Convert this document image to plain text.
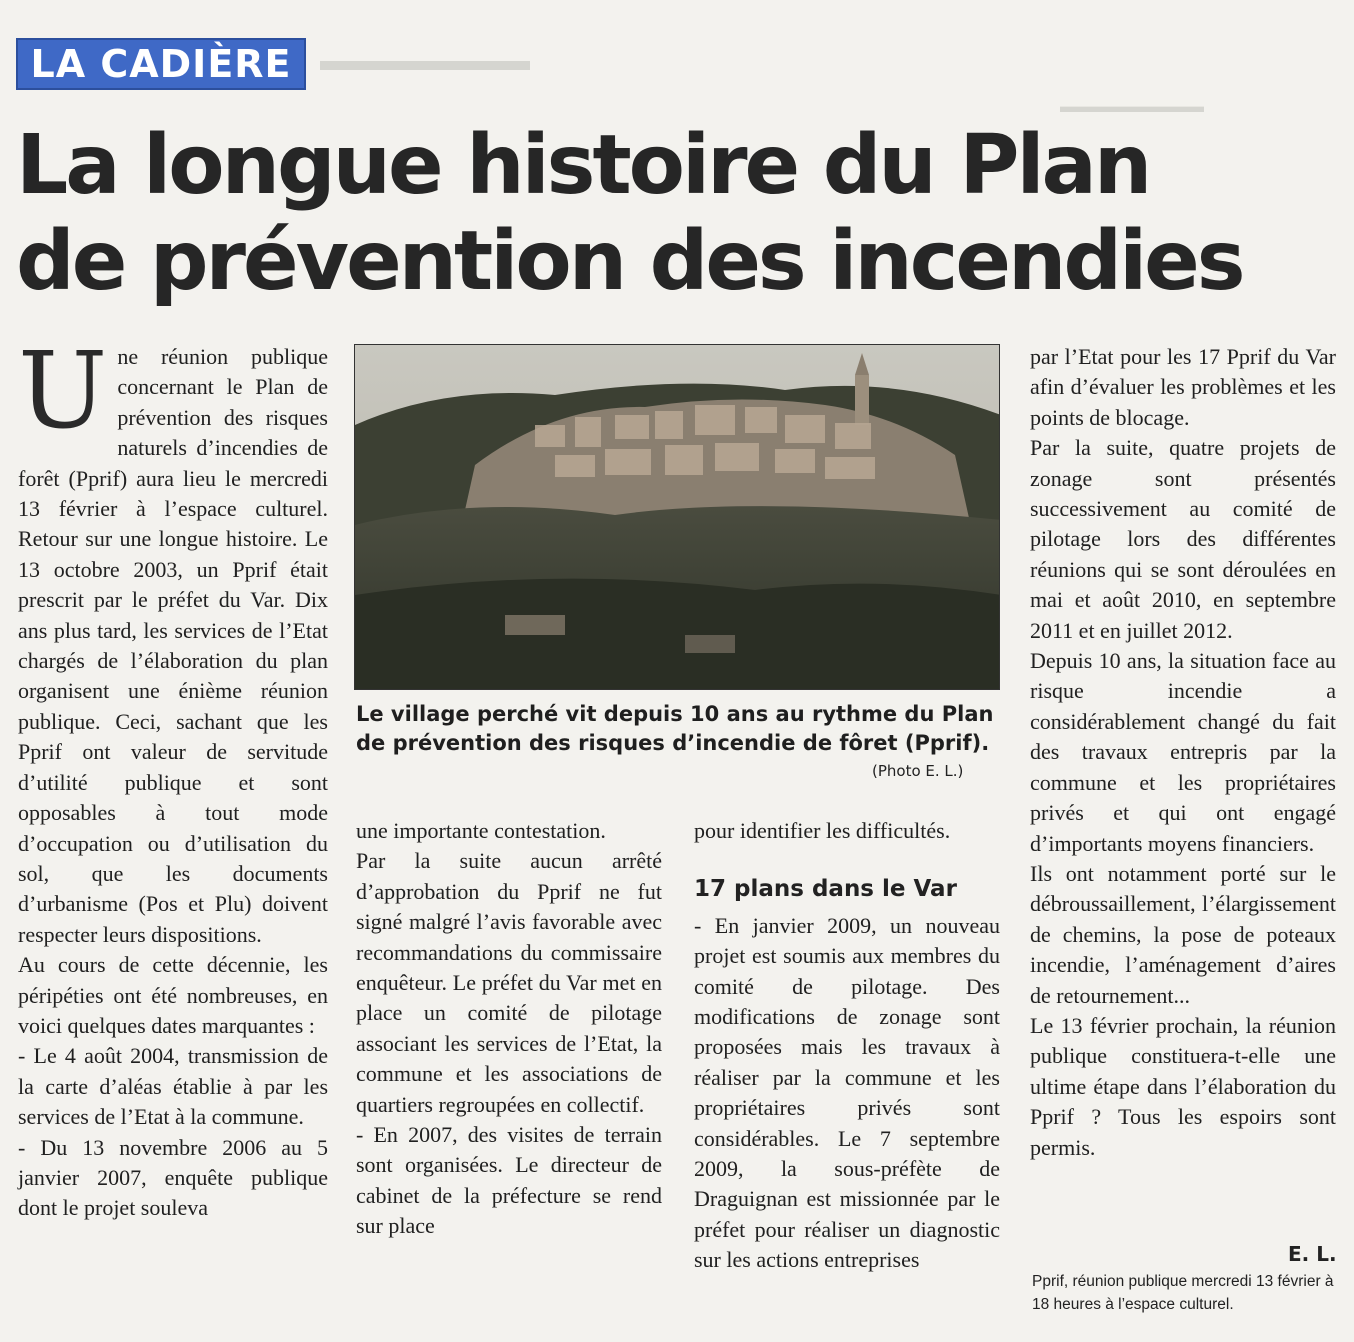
▬▬▬▬▬▬▬
▬▬▬▬▬▬▬▬
LA CADIÈRE
La longue histoire du Plan
de prévention des incendies

Une réunion publique concernant le Plan de prévention des risques naturels d’incendies de forêt (Pprif) aura lieu le mercredi 13 février à l’espace culturel. Retour sur une longue histoire. Le 13 octobre 2003, un Pprif était prescrit par le préfet du Var. Dix ans plus tard, les services de l’Etat chargés de l’élaboration du plan organisent une énième réunion publique. Ceci, sachant que les Pprif ont valeur de servitude d’utilité publique et sont opposables à tout mode d’occupation ou d’utilisation du sol, que les documents d’urbanisme (Pos et Plu) doivent respecter leurs dispositions.

Au cours de cette décennie, les péripéties ont été nombreuses, en voici quelques dates marquantes :

- Le 4 août 2004, transmission de la carte d’aléas établie à par les services de l’Etat à la commune.

- Du 13 novembre 2006 au 5 janvier 2007, enquête publique dont le projet souleva

Le village perché vit depuis 10 ans au rythme du Plan de prévention des risques d’incendie de fôret (Pprif).
(Photo E. L.)

une importante contestation.

Par la suite aucun arrêté d’approbation du Pprif ne fut signé malgré l’avis favorable avec recommandations du commissaire enquêteur. Le préfet du Var met en place un comité de pilotage associant les services de l’Etat, la commune et les associations de quartiers regroupées en collectif.

- En 2007, des visites de terrain sont organisées. Le directeur de cabinet de la préfecture se rend sur place

pour identifier les difficultés.

17 plans dans le Var

- En janvier 2009, un nouveau projet est soumis aux membres du comité de pilotage. Des modifications de zonage sont proposées mais les travaux à réaliser par la commune et les propriétaires privés sont considérables. Le 7 septembre 2009, la sous-préfète de Draguignan est missionnée par le préfet pour réaliser un diagnostic sur les actions entreprises

par l’Etat pour les 17 Pprif du Var afin d’évaluer les problèmes et les points de blocage.

Par la suite, quatre projets de zonage sont présentés successivement au comité de pilotage lors des différentes réunions qui se sont déroulées en mai et août 2010, en septembre 2011 et en juillet 2012.

Depuis 10 ans, la situation face au risque incendie a considérablement changé du fait des travaux entrepris par la commune et les propriétaires privés et qui ont engagé d’importants moyens financiers.

Ils ont notamment porté sur le débroussaillement, l’élargissement de chemins, la pose de poteaux incendie, l’aménagement d’aires de retournement...

Le 13 février prochain, la réunion publique constituera-t-elle une ultime étape dans l’élaboration du Pprif ? Tous les espoirs sont permis.

E. L.
Pprif, réunion publique mercredi 13 février à 18 heures à l’espace culturel.
